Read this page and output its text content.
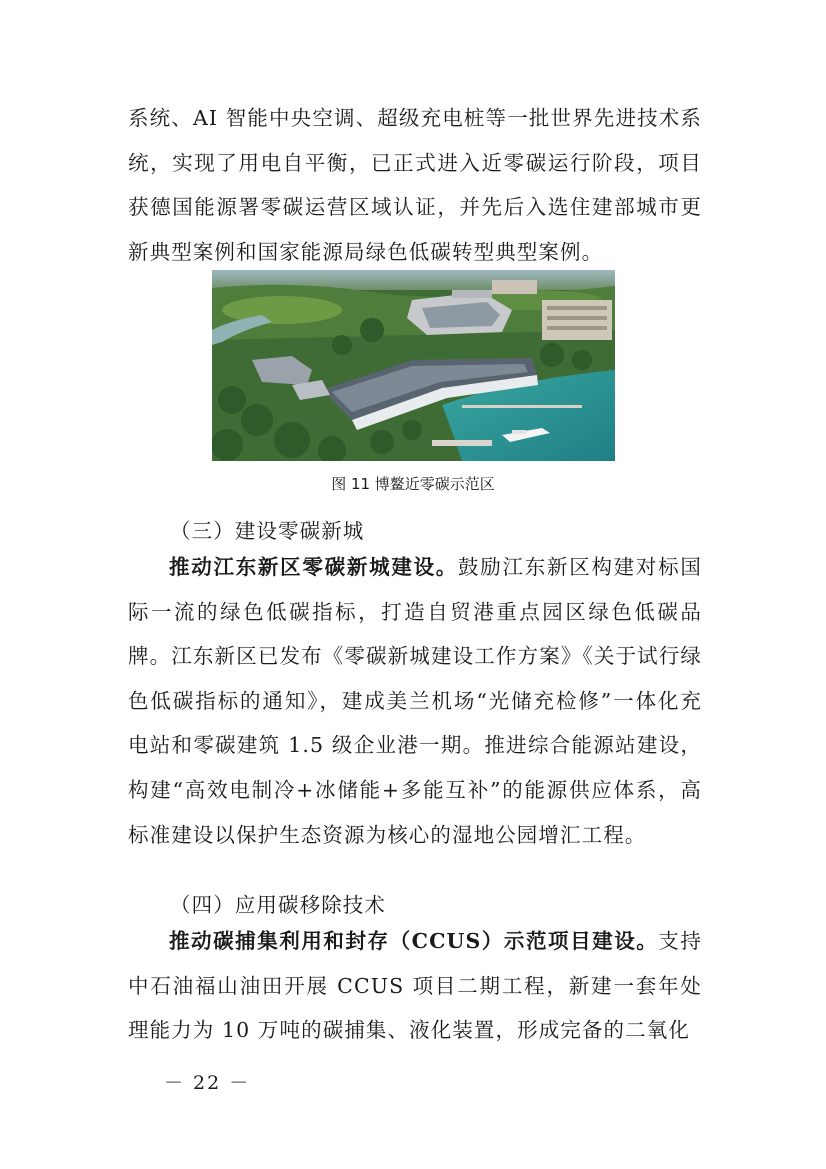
系统、AI 智能中央空调、超级充电桩等一批世界先进技术系统，实现了用电自平衡，已正式进入近零碳运行阶段，项目获德国能源署零碳运营区域认证，并先后入选住建部城市更新典型案例和国家能源局绿色低碳转型典型案例。

图 11 博鳌近零碳示范区

（三）建设零碳新城

推动江东新区零碳新城建设。鼓励江东新区构建对标国际一流的绿色低碳指标，打造自贸港重点园区绿色低碳品牌。江东新区已发布《零碳新城建设工作方案》《关于试行绿色低碳指标的通知》，建成美兰机场“光储充检修”一体化充电站和零碳建筑 1.5 级企业港一期。推进综合能源站建设，构建“高效电制冷+冰储能+多能互补”的能源供应体系，高标准建设以保护生态资源为核心的湿地公园增汇工程。

（四）应用碳移除技术

推动碳捕集利用和封存（CCUS）示范项目建设。支持中石油福山油田开展 CCUS 项目二期工程，新建一套年处理能力为 10 万吨的碳捕集、液化装置，形成完备的二氧化

－ 22 －
